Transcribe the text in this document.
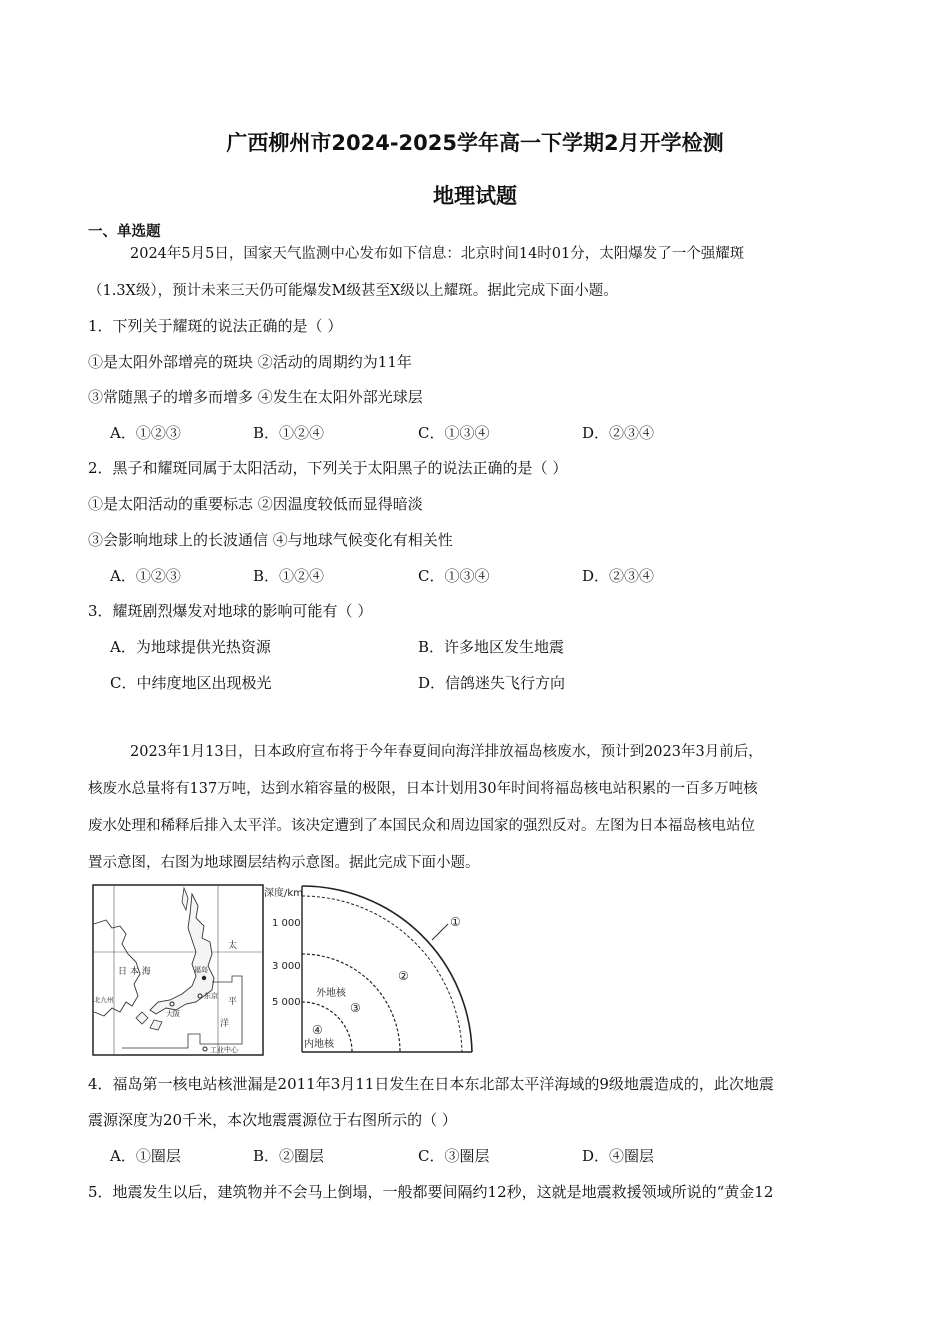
广西柳州市2024-2025学年高一下学期2月开学检测
地理试题
一、单选题
2024年5月5日，国家天气监测中心发布如下信息：北京时间14时01分，太阳爆发了一个强耀斑
（1.3X级），预计未来三天仍可能爆发M级甚至X级以上耀斑。据此完成下面小题。
1．下列关于耀斑的说法正确的是（ ）
①是太阳外部增亮的斑块 ②活动的周期约为11年
③常随黑子的增多而增多 ④发生在太阳外部光球层
A．①②③	B．①②④	C．①③④	D．②③④
2．黑子和耀斑同属于太阳活动，下列关于太阳黑子的说法正确的是（ ）
①是太阳活动的重要标志 ②因温度较低而显得暗淡
③会影响地球上的长波通信 ④与地球气候变化有相关性
A．①②③	B．①②④	C．①③④	D．②③④
3．耀斑剧烈爆发对地球的影响可能有（ ）
A．为地球提供光热资源	B．许多地区发生地震
C．中纬度地区出现极光	D．信鸽迷失飞行方向
2023年1月13日，日本政府宣布将于今年春夏间向海洋排放福岛核废水，预计到2023年3月前后，
核废水总量将有137万吨，达到水箱容量的极限，日本计划用30年时间将福岛核电站积累的一百多万吨核
废水处理和稀释后排入太平洋。该决定遭到了本国民众和周边国家的强烈反对。左图为日本福岛核电站位
置示意图，右图为地球圈层结构示意图。据此完成下面小题。
日 本 海
太
平
洋
福岛
东京
大阪
北九州
工业中心
深度/km
1 000
3 000
5 000
①
②
③
④
外地核
内地核
4．福岛第一核电站核泄漏是2011年3月11日发生在日本东北部太平洋海域的9级地震造成的，此次地震
震源深度为20千米，本次地震震源位于右图所示的（ ）
A．①圈层	B．②圈层	C．③圈层	D．④圈层
5．地震发生以后，建筑物并不会马上倒塌，一般都要间隔约12秒，这就是地震救援领域所说的“黄金12
